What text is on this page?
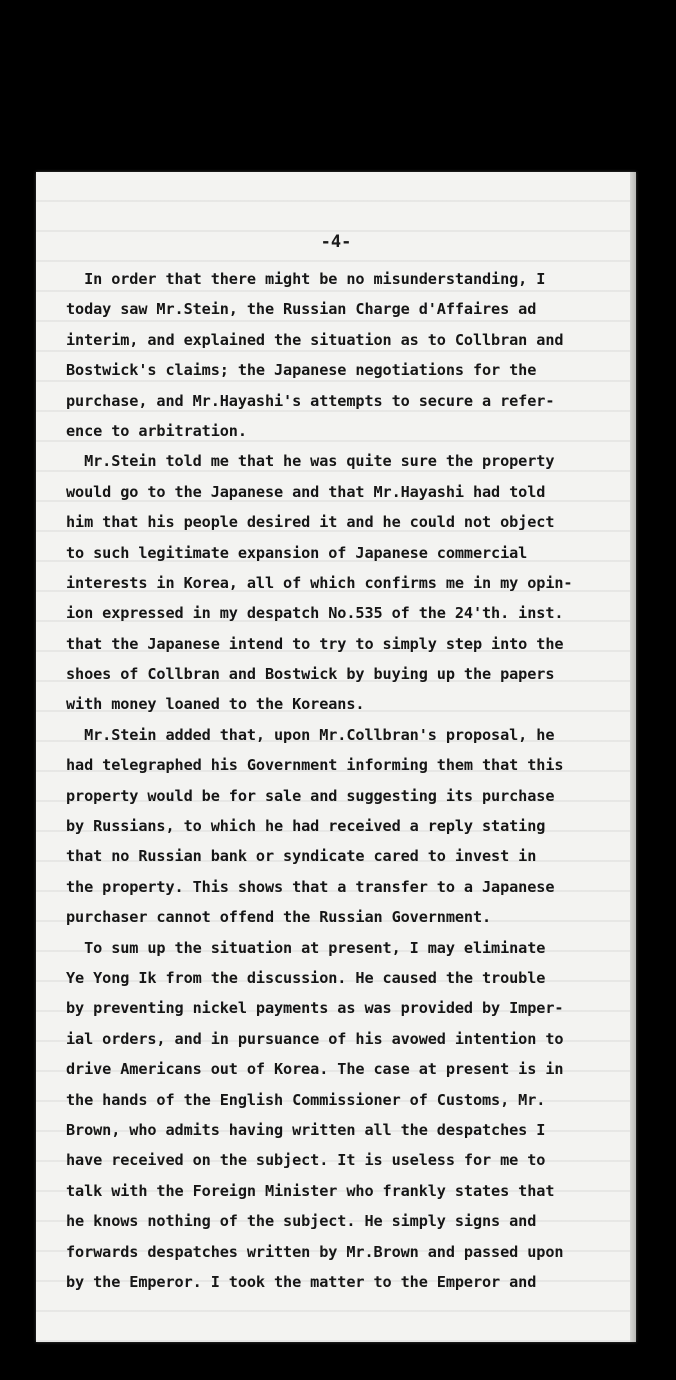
-4-
In order that there might be no misunderstanding, I
today saw Mr.Stein, the Russian Charge d'Affaires ad
interim, and explained the situation as to Collbran and
Bostwick's claims; the Japanese negotiations for the
purchase, and Mr.Hayashi's attempts to secure a refer-
ence to arbitration.
Mr.Stein told me that he was quite sure the property
would go to the Japanese and that Mr.Hayashi had told
him that his people desired it and he could not object
to such legitimate expansion of Japanese commercial
interests in Korea, all of which confirms me in my opin-
ion expressed in my despatch No.535 of the 24'th. inst.
that the Japanese intend to try to simply step into the
shoes of Collbran and Bostwick by buying up the papers
with money loaned to the Koreans.
Mr.Stein added that, upon Mr.Collbran's proposal, he
had telegraphed his Government informing them that this
property would be for sale and suggesting its purchase
by Russians, to which he had received a reply stating
that no Russian bank or syndicate cared to invest in
the property. This shows that a transfer to a Japanese
purchaser cannot offend the Russian Government.
To sum up the situation at present, I may eliminate
Ye Yong Ik from the discussion. He caused the trouble
by preventing nickel payments as was provided by Imper-
ial orders, and in pursuance of his avowed intention to
drive Americans out of Korea. The case at present is in
the hands of the English Commissioner of Customs, Mr.
Brown, who admits having written all the despatches I
have received on the subject. It is useless for me to
talk with the Foreign Minister who frankly states that
he knows nothing of the subject. He simply signs and
forwards despatches written by Mr.Brown and passed upon
by the Emperor. I took the matter to the Emperor and
